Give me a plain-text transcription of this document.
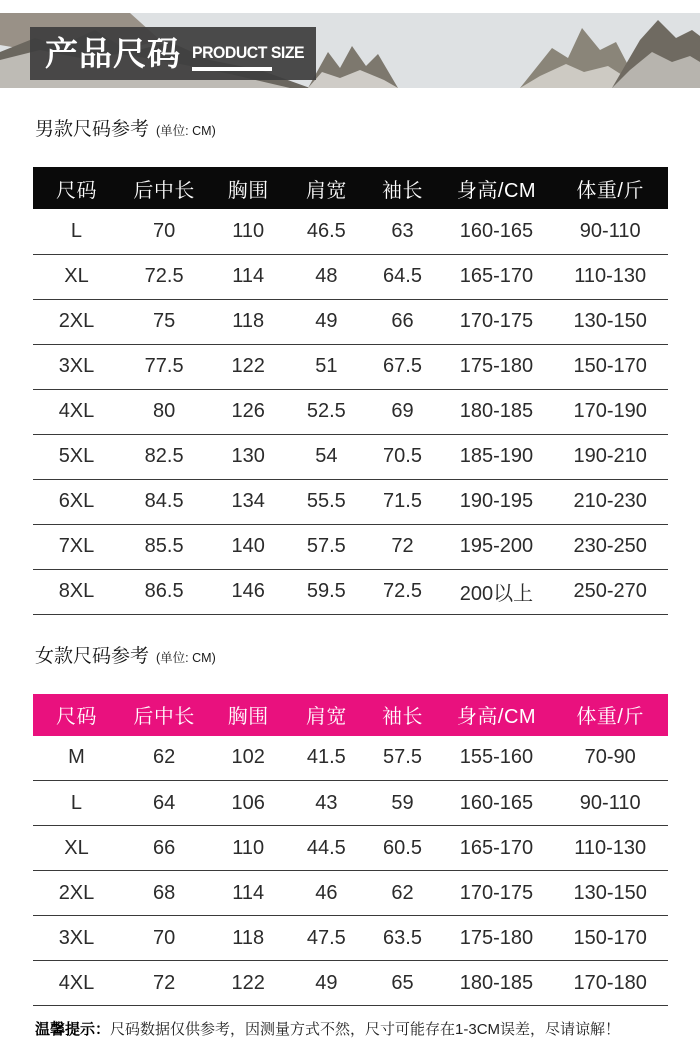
产品尺码 PRODUCT SIZE
男款尺码参考 (单位: CM)
尺码	后中长	胸围	肩宽	袖长	身高/CM	体重/斤
L	70	110	46.5	63	160-165	90-110
XL	72.5	114	48	64.5	165-170	110-130
2XL	75	118	49	66	170-175	130-150
3XL	77.5	122	51	67.5	175-180	150-170
4XL	80	126	52.5	69	180-185	170-190
5XL	82.5	130	54	70.5	185-190	190-210
6XL	84.5	134	55.5	71.5	190-195	210-230
7XL	85.5	140	57.5	72	195-200	230-250
8XL	86.5	146	59.5	72.5	200以上	250-270
女款尺码参考 (单位: CM)
尺码	后中长	胸围	肩宽	袖长	身高/CM	体重/斤
M	62	102	41.5	57.5	155-160	70-90
L	64	106	43	59	160-165	90-110
XL	66	110	44.5	60.5	165-170	110-130
2XL	68	114	46	62	170-175	130-150
3XL	70	118	47.5	63.5	175-180	150-170
4XL	72	122	49	65	180-185	170-180

温馨提示：尺码数据仅供参考，因测量方式不然，尺寸可能存在1-3CM误差，尽请谅解！
